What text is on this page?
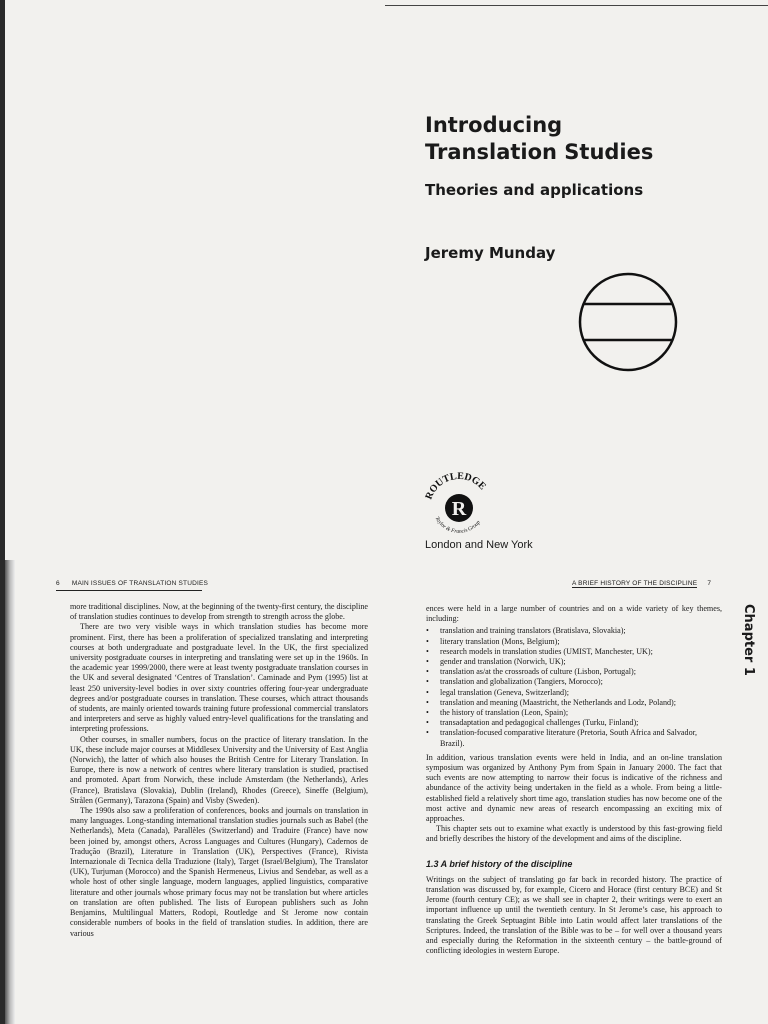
Introducing
Translation Studies
Theories and applications
Jeremy Munday
ROUTLEDGE
Taylor & Francis Group
R
London and New York
6 MAIN ISSUES OF TRANSLATION STUDIES

more traditional disciplines. Now, at the beginning of the twenty-first century, the discipline of translation studies continues to develop from strength to strength across the globe.

There are two very visible ways in which translation studies has become more prominent. First, there has been a proliferation of specialized translating and interpreting courses at both undergraduate and postgraduate level. In the UK, the first specialized university postgraduate courses in interpreting and translating were set up in the 1960s. In the academic year 1999/2000, there were at least twenty postgraduate translation courses in the UK and several designated ‘Centres of Translation’. Caminade and Pym (1995) list at least 250 university-level bodies in over sixty countries offering four-year undergraduate degrees and/or postgraduate courses in translation. These courses, which attract thousands of students, are mainly oriented towards training future professional commercial translators and interpreters and serve as highly valued entry-level qualifications for the translating and interpreting professions.

Other courses, in smaller numbers, focus on the practice of literary translation. In the UK, these include major courses at Middlesex University and the University of East Anglia (Norwich), the latter of which also houses the British Centre for Literary Translation. In Europe, there is now a network of centres where literary translation is studied, practised and promoted. Apart from Norwich, these include Amsterdam (the Netherlands), Arles (France), Bratislava (Slovakia), Dublin (Ireland), Rhodes (Greece), Sineffe (Belgium), Strålen (Germany), Tarazona (Spain) and Visby (Sweden).

The 1990s also saw a proliferation of conferences, books and journals on translation in many languages. Long-standing international translation studies journals such as Babel (the Netherlands), Meta (Canada), Parallèles (Switzerland) and Traduire (France) have now been joined by, amongst others, Across Languages and Cultures (Hungary), Cadernos de Tradução (Brazil), Literature in Translation (UK), Perspectives (France), Rivista Internazionale di Tecnica della Traduzione (Italy), Target (Israel/Belgium), The Translator (UK), Turjuman (Morocco) and the Spanish Hermeneus, Livius and Sendebar, as well as a whole host of other single language, modern languages, applied linguistics, comparative literature and other journals whose primary focus may not be translation but where articles on translation are often published. The lists of European publishers such as John Benjamins, Multilingual Matters, Rodopi, Routledge and St Jerome now contain considerable numbers of books in the field of translation studies. In addition, there are various

A BRIEF HISTORY OF THE DISCIPLINE 7
Chapter 1

ences were held in a large number of countries and on a wide variety of key themes, including:

• translation and training translators (Bratislava, Slovakia);
• literary translation (Mons, Belgium);
• research models in translation studies (UMIST, Manchester, UK);
• gender and translation (Norwich, UK);
• translation as/at the crossroads of culture (Lisbon, Portugal);
• translation and globalization (Tangiers, Morocco);
• legal translation (Geneva, Switzerland);
• translation and meaning (Maastricht, the Netherlands and Lodz, Poland);
• the history of translation (Leon, Spain);
• transadaptation and pedagogical challenges (Turku, Finland);
• translation-focused comparative literature (Pretoria, South Africa and Salvador, Brazil).

In addition, various translation events were held in India, and an on-line translation symposium was organized by Anthony Pym from Spain in January 2000. The fact that such events are now attempting to narrow their focus is indicative of the richness and abundance of the activity being undertaken in the field as a whole. From being a little-established field a relatively short time ago, translation studies has now become one of the most active and dynamic new areas of research encompassing an exciting mix of approaches.

This chapter sets out to examine what exactly is understood by this fast-growing field and briefly describes the history of the development and aims of the discipline.

1.3 A brief history of the discipline

Writings on the subject of translating go far back in recorded history. The practice of translation was discussed by, for example, Cicero and Horace (first century BCE) and St Jerome (fourth century CE); as we shall see in chapter 2, their writings were to exert an important influence up until the twentieth century. In St Jerome’s case, his approach to translating the Greek Septuagint Bible into Latin would affect later translations of the Scriptures. Indeed, the translation of the Bible was to be – for well over a thousand years and especially during the Reformation in the sixteenth century – the battle-ground of conflicting ideologies in western Europe.
